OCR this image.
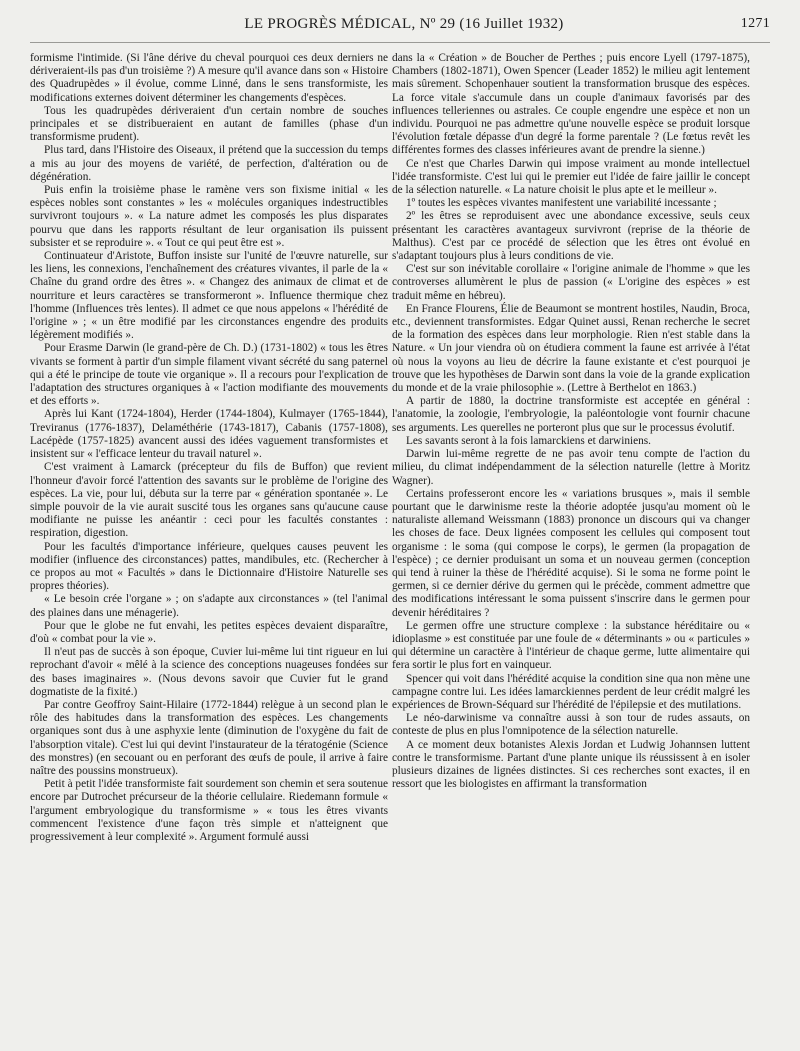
LE PROGRÈS MÉDICAL, Nº 29 (16 Juillet 1932)	1271

formisme l'intimide. (Si l'âne dérive du cheval pourquoi ces deux derniers ne dériveraient-ils pas d'un troisième ?) A mesure qu'il avance dans son « Histoire des Quadrupèdes » il évolue, comme Linné, dans le sens transformiste, les modifications externes doivent déterminer les changements d'espèces.

Tous les quadrupèdes dériveraient d'un certain nombre de souches principales et se distribueraient en autant de familles (phase d'un transformisme prudent).

Plus tard, dans l'Histoire des Oiseaux, il prétend que la succession du temps a mis au jour des moyens de variété, de perfection, d'altération ou de dégénération.

Puis enfin la troisième phase le ramène vers son fixisme initial « les espèces nobles sont constantes » les « molécules organiques indestructibles survivront toujours ». « La nature admet les composés les plus disparates pourvu que dans les rapports résultant de leur organisation ils puissent subsister et se reproduire ». « Tout ce qui peut être est ».

Continuateur d'Aristote, Buffon insiste sur l'unité de l'œuvre naturelle, sur les liens, les connexions, l'enchaînement des créatures vivantes, il parle de la « Chaîne du grand ordre des êtres ». « Changez des animaux de climat et de nourriture et leurs caractères se transformeront ». Influence thermique chez l'homme (Influences très lentes). Il admet ce que nous appelons « l'hérédité de l'origine » ; « un être modifié par les circonstances engendre des produits légèrement modifiés ».

Pour Erasme Darwin (le grand-père de Ch. D.) (1731-1802) « tous les êtres vivants se forment à partir d'un simple filament vivant sécrété du sang paternel qui a été le principe de toute vie organique ». Il a recours pour l'explication de l'adaptation des structures organiques à « l'action modifiante des mouvements et des efforts ».

Après lui Kant (1724-1804), Herder (1744-1804), Kulmayer (1765-1844), Treviranus (1776-1837), Delaméthérie (1743-1817), Cabanis (1757-1808), Lacépède (1757-1825) avancent aussi des idées vaguement transformistes et insistent sur « l'efficace lenteur du travail naturel ».

C'est vraiment à Lamarck (précepteur du fils de Buffon) que revient l'honneur d'avoir forcé l'attention des savants sur le problème de l'origine des espèces. La vie, pour lui, débuta sur la terre par « génération spontanée ». Le simple pouvoir de la vie aurait suscité tous les organes sans qu'aucune cause modifiante ne puisse les anéantir : ceci pour les facultés constantes : respiration, digestion.

Pour les facultés d'importance inférieure, quelques causes peuvent les modifier (influence des circonstances) pattes, mandibules, etc. (Rechercher à ce propos au mot « Facultés » dans le Dictionnaire d'Histoire Naturelle ses propres théories).

« Le besoin crée l'organe » ; on s'adapte aux circonstances » (tel l'animal des plaines dans une ménagerie).

Pour que le globe ne fut envahi, les petites espèces devaient disparaître, d'où « combat pour la vie ».

Il n'eut pas de succès à son époque, Cuvier lui-même lui tint rigueur en lui reprochant d'avoir « mêlé à la science des conceptions nuageuses fondées sur des bases imaginaires ». (Nous devons savoir que Cuvier fut le grand dogmatiste de la fixité.)

Par contre Geoffroy Saint-Hilaire (1772-1844) relègue à un second plan le rôle des habitudes dans la transformation des espèces. Les changements organiques sont dus à une asphyxie lente (diminution de l'oxygène du fait de l'absorption vitale). C'est lui qui devint l'instaurateur de la tératogénie (Science des monstres) (en secouant ou en perforant des œufs de poule, il arrive à faire naître des poussins monstrueux).

Petit à petit l'idée transformiste fait sourdement son chemin et sera soutenue encore par Dutrochet précurseur de la théorie cellulaire. Riedemann formule « l'argument embryologique du transformisme » « tous les êtres vivants commencent l'existence d'une façon très simple et n'atteignent que progressivement à leur complexité ». Argument formulé aussi

dans la « Création » de Boucher de Perthes ; puis encore Lyell (1797-1875), Chambers (1802-1871), Owen Spencer (Leader 1852) le milieu agit lentement mais sûrement. Schopenhauer soutient la transformation brusque des espèces. La force vitale s'accumule dans un couple d'animaux favorisés par des influences telleriennes ou astrales. Ce couple engendre une espèce et non un individu. Pourquoi ne pas admettre qu'une nouvelle espèce se produit lorsque l'évolution fœtale dépasse d'un degré la forme parentale ? (Le fœtus revêt les différentes formes des classes inférieures avant de prendre la sienne.)

Ce n'est que Charles Darwin qui impose vraiment au monde intellectuel l'idée transformiste. C'est lui qui le premier eut l'idée de faire jaillir le concept de la sélection naturelle. « La nature choisit le plus apte et le meilleur ».

1º toutes les espèces vivantes manifestent une variabilité incessante ;

2º les êtres se reproduisent avec une abondance excessive, seuls ceux présentant les caractères avantageux survivront (reprise de la théorie de Malthus). C'est par ce procédé de sélection que les êtres ont évolué en s'adaptant toujours plus à leurs conditions de vie.

C'est sur son inévitable corollaire « l'origine animale de l'homme » que les controverses allumèrent le plus de passion (« L'origine des espèces » est traduit même en hébreu).

En France Flourens, Élie de Beaumont se montrent hostiles, Naudin, Broca, etc., deviennent transformistes. Edgar Quinet aussi, Renan recherche le secret de la formation des espèces dans leur morphologie. Rien n'est stable dans la Nature. « Un jour viendra où on étudiera comment la faune est arrivée à l'état où nous la voyons au lieu de décrire la faune existante et c'est pourquoi je trouve que les hypothèses de Darwin sont dans la voie de la grande explication du monde et de la vraie philosophie ». (Lettre à Berthelot en 1863.)

A partir de 1880, la doctrine transformiste est acceptée en général : l'anatomie, la zoologie, l'embryologie, la paléontologie vont fournir chacune ses arguments. Les querelles ne porteront plus que sur le processus évolutif.

Les savants seront à la fois lamarckiens et darwiniens.

Darwin lui-même regrette de ne pas avoir tenu compte de l'action du milieu, du climat indépendamment de la sélection naturelle (lettre à Moritz Wagner).

Certains professeront encore les « variations brusques », mais il semble pourtant que le darwinisme reste la théorie adoptée jusqu'au moment où le naturaliste allemand Weissmann (1883) prononce un discours qui va changer les choses de face. Deux lignées composent les cellules qui composent tout organisme : le soma (qui compose le corps), le germen (la propagation de l'espèce) ; ce dernier produisant un soma et un nouveau germen (conception qui tend à ruiner la thèse de l'hérédité acquise). Si le soma ne forme point le germen, si ce dernier dérive du germen qui le précède, comment admettre que des modifications intéressant le soma puissent s'inscrire dans le germen pour devenir héréditaires ?

Le germen offre une structure complexe : la substance héréditaire ou « idioplasme » est constituée par une foule de « déterminants » ou « particules » qui détermine un caractère à l'intérieur de chaque germe, lutte alimentaire qui fera sortir le plus fort en vainqueur.

Spencer qui voit dans l'hérédité acquise la condition sine qua non mène une campagne contre lui. Les idées lamarckiennes perdent de leur crédit malgré les expériences de Brown-Séquard sur l'hérédité de l'épilepsie et des mutilations.

Le néo-darwinisme va connaître aussi à son tour de rudes assauts, on conteste de plus en plus l'omnipotence de la sélection naturelle.

A ce moment deux botanistes Alexis Jordan et Ludwig Johannsen luttent contre le transformisme. Partant d'une plante unique ils réussissent à en isoler plusieurs dizaines de lignées distinctes. Si ces recherches sont exactes, il en ressort que les biologistes en affirmant la transformation
